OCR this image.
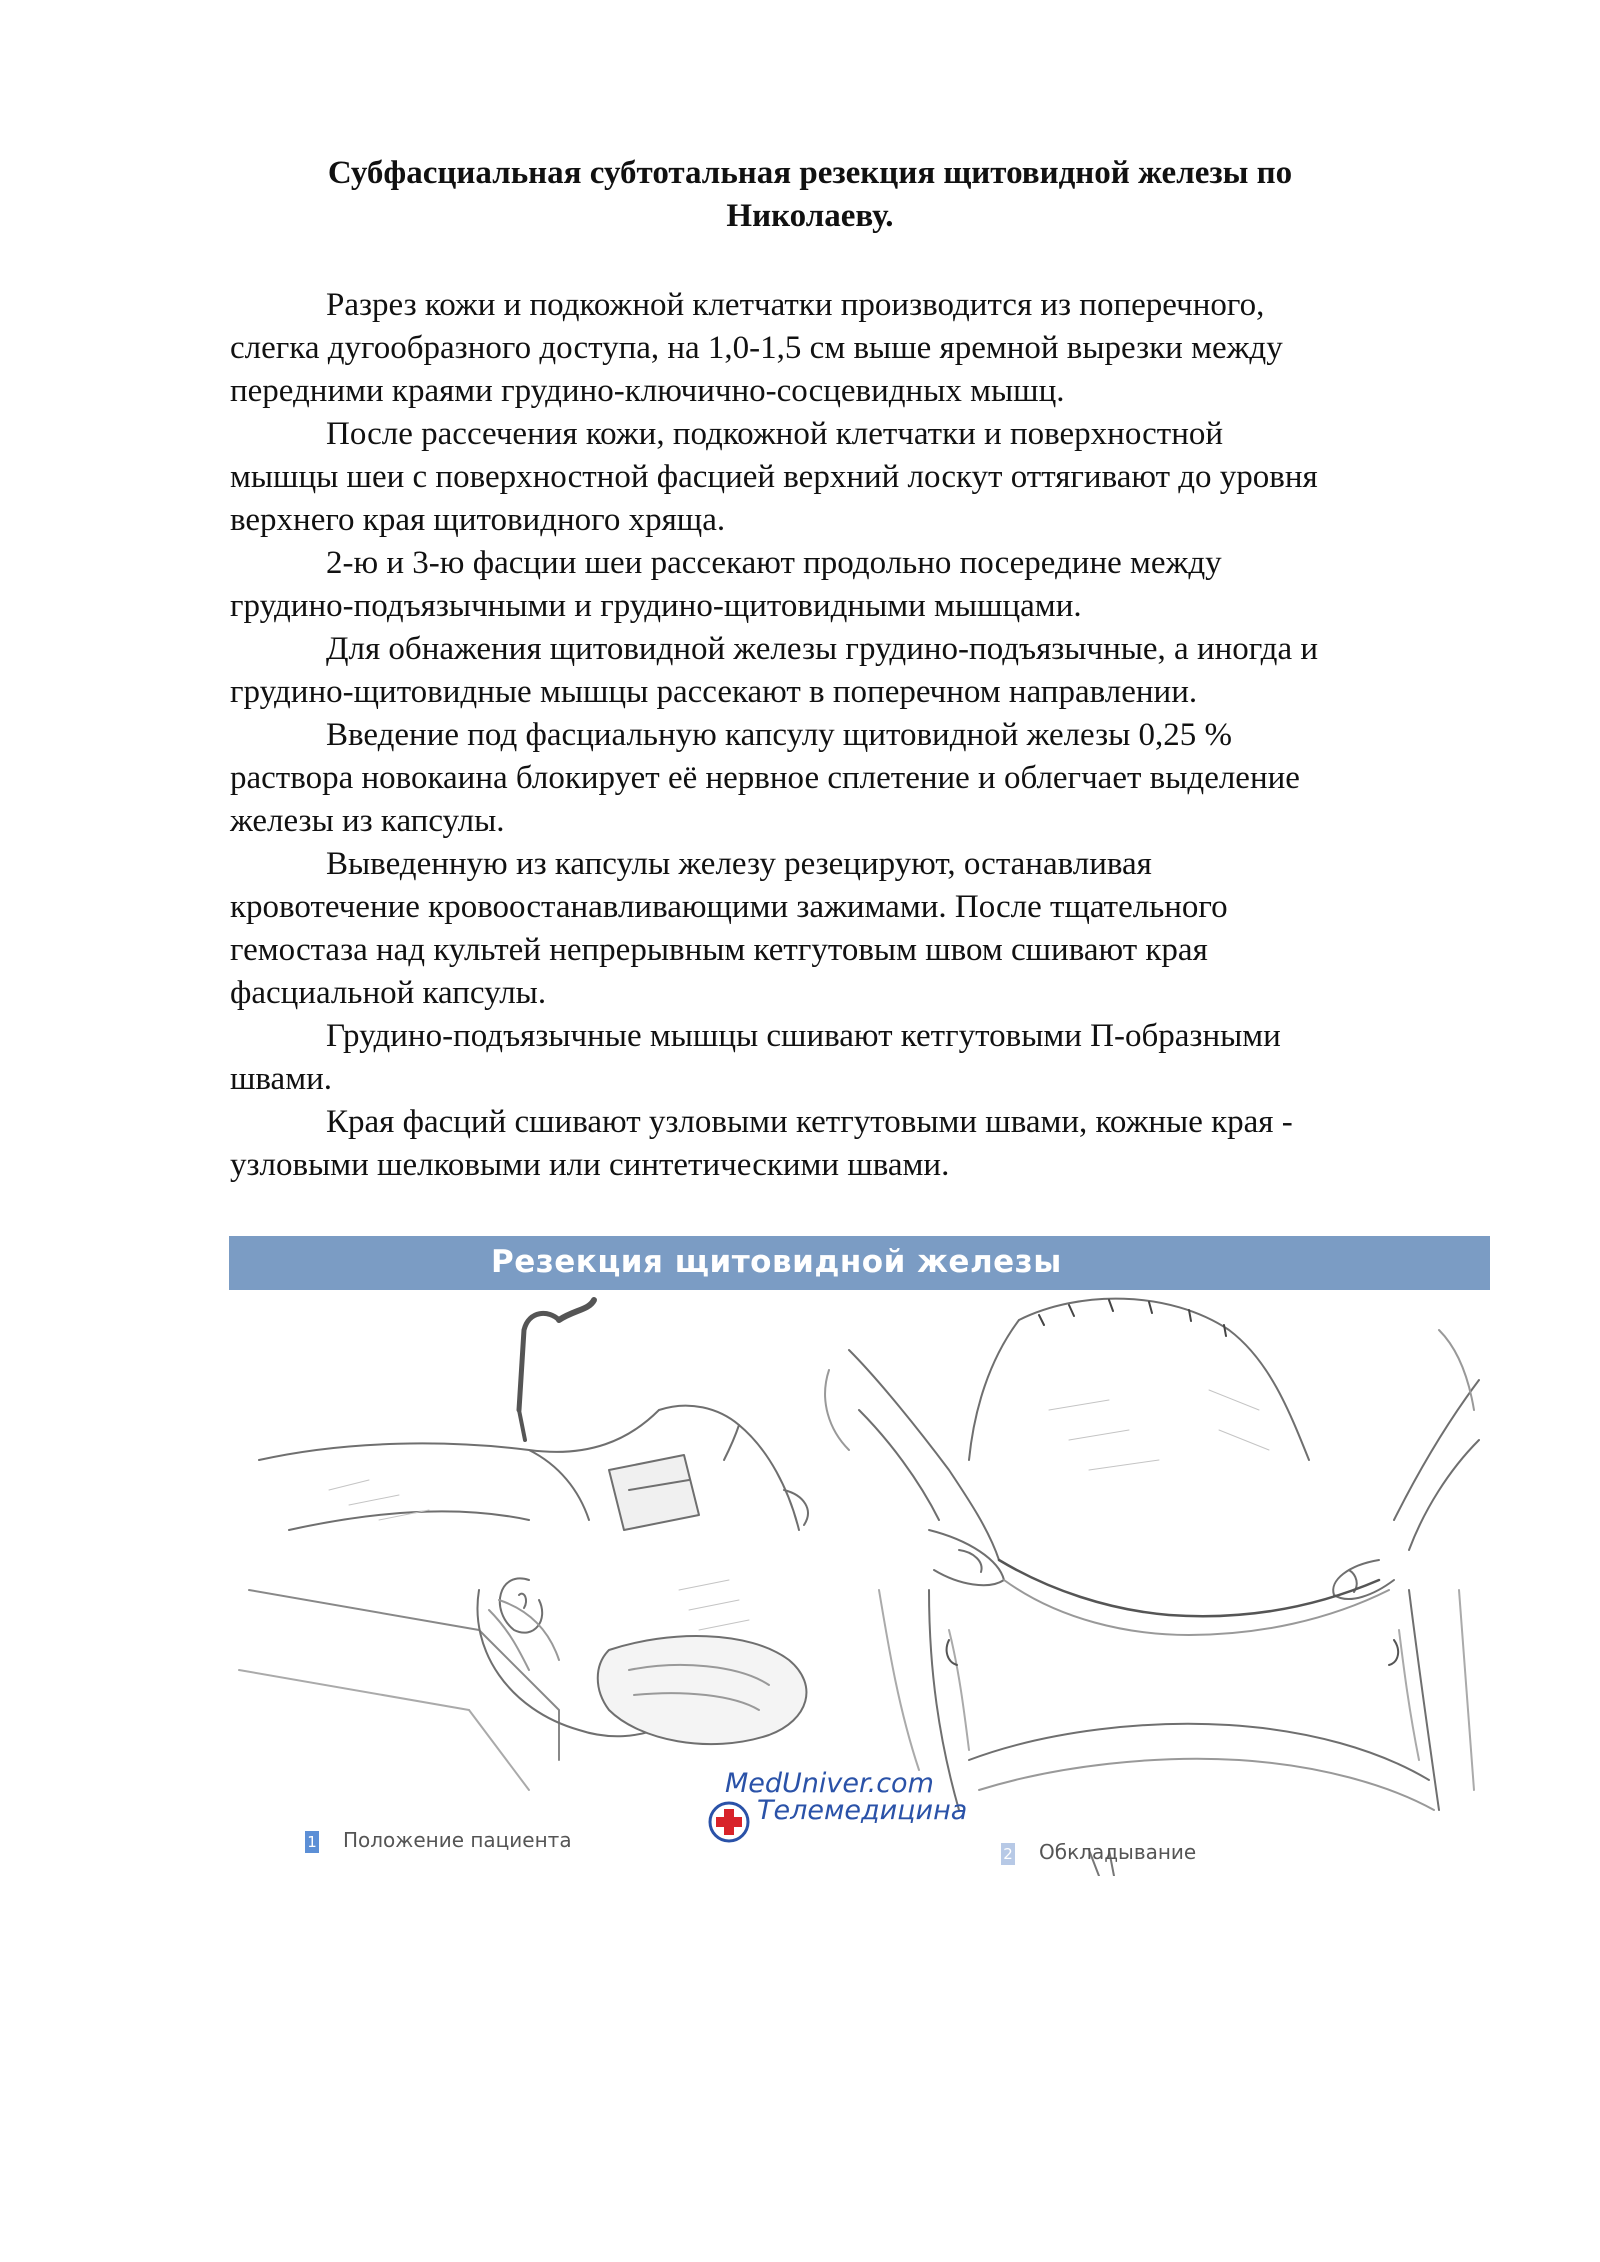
Субфасциальная субтотальная резекция щитовидной железы по
Николаеву.

Разрез кожи и подкожной клетчатки производится из поперечного,
слегка дугообразного доступа, на 1,0-1,5 см выше яремной вырезки между
передними краями грудино-ключично-сосцевидных мышц.

После рассечения кожи, подкожной клетчатки и поверхностной
мышцы шеи с поверхностной фасцией верхний лоскут оттягивают до уровня
верхнего края щитовидного хряща.

2-ю и 3-ю фасции шеи рассекают продольно посередине между
грудино-подъязычными и грудино-щитовидными мышцами.

Для обнажения щитовидной железы грудино-подъязычные, а иногда и
грудино-щитовидные мышцы рассекают в поперечном направлении.

Введение под фасциальную капсулу щитовидной железы 0,25 %
раствора новокаина блокирует её нервное сплетение и облегчает выделение
железы из капсулы.

Выведенную из капсулы железу резецируют, останавливая
кровотечение кровоостанавливающими зажимами. После тщательного
гемостаза над культей непрерывным кетгутовым швом сшивают края
фасциальной капсулы.

Грудино-подъязычные мышцы сшивают кетгутовыми П-образными
швами.

Края фасций сшивают узловыми кетгутовыми швами, кожные края -
узловыми шелковыми или синтетическими швами.

Резекция щитовидной железы
MedUniver.com
Телемедицина
1 Положение пациента
2 Обкладывание
